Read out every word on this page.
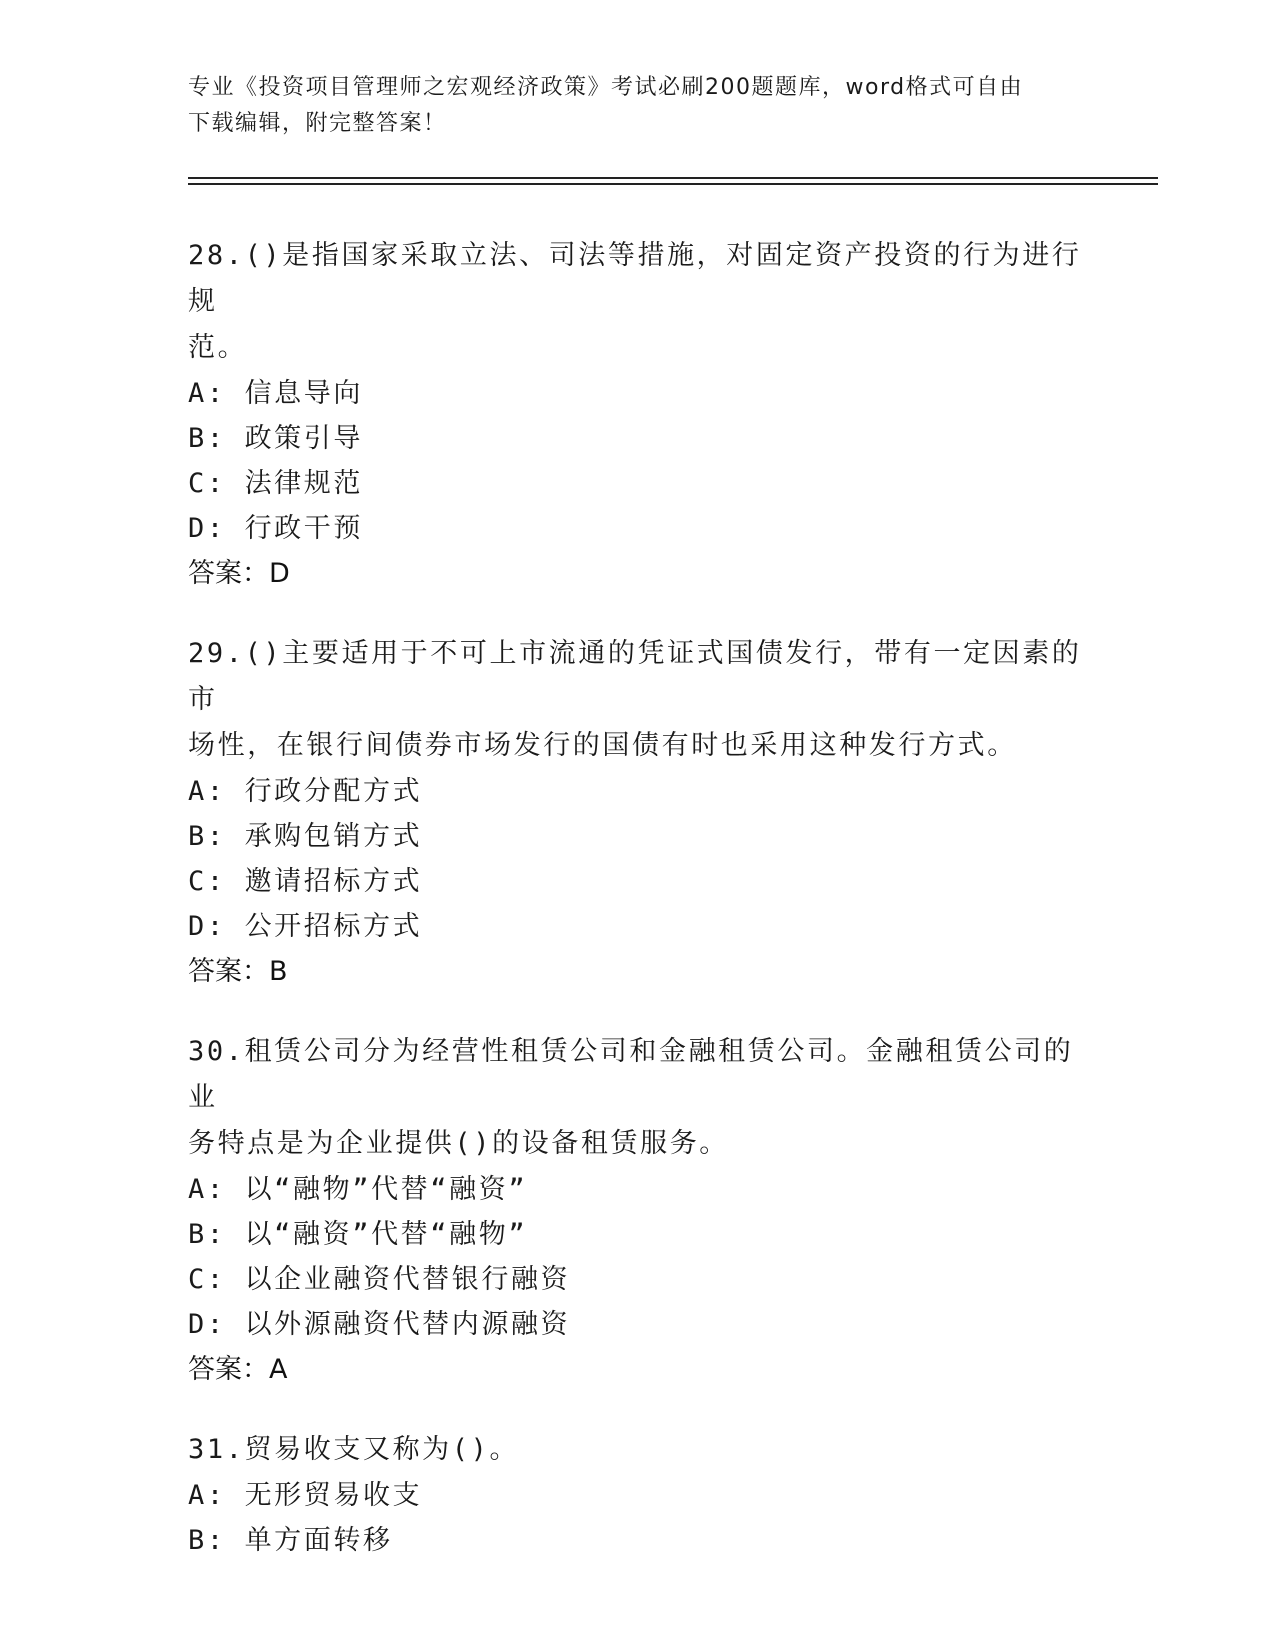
专业《投资项目管理师之宏观经济政策》考试必刷200题题库，word格式可自由
下载编辑，附完整答案！

28.()是指国家采取立法、司法等措施，对固定资产投资的行为进行规

范。

A: 信息导向

B: 政策引导

C: 法律规范

D: 行政干预

答案：D

29.()主要适用于不可上市流通的凭证式国债发行，带有一定因素的市

场性，在银行间债券市场发行的国债有时也采用这种发行方式。

A: 行政分配方式

B: 承购包销方式

C: 邀请招标方式

D: 公开招标方式

答案：B

30.租赁公司分为经营性租赁公司和金融租赁公司。金融租赁公司的业

务特点是为企业提供()的设备租赁服务。

A: 以“融物”代替“融资”

B: 以“融资”代替“融物”

C: 以企业融资代替银行融资

D: 以外源融资代替内源融资

答案：A

31.贸易收支又称为()。

A: 无形贸易收支

B: 单方面转移
